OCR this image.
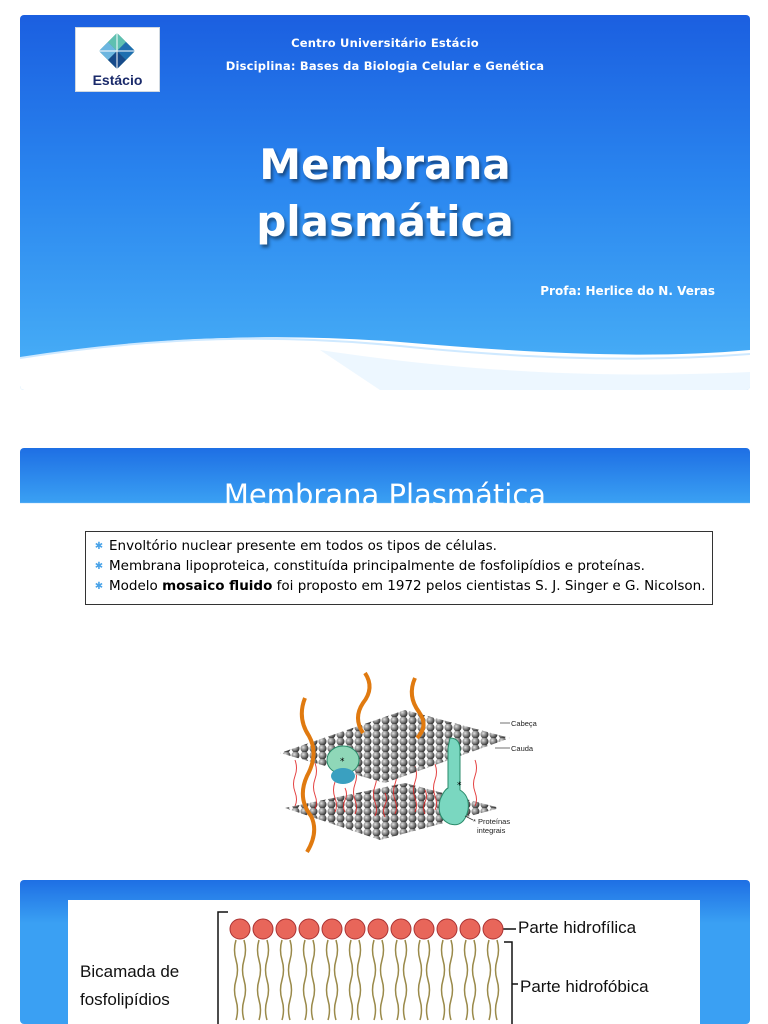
Estácio
Centro Universitário Estácio
Disciplina: Bases da Biologia Celular e Genética
Membrana
plasmática
Profa: Herlice do N. Veras
Membrana Plasmática
✱ Envoltório nuclear presente em todos os tipos de células.
✱ Membrana lipoproteica, constituída principalmente de fosfolipídios e proteínas.
✱ Modelo mosaico fluido foi proposto em 1972 pelos cientistas S. J. Singer e G. Nicolson.
*
*
Cabeça
Cauda
* Proteínas
integrais
Bicamada de
fosfolipídios
Parte hidrofílica
Parte hidrofóbica
